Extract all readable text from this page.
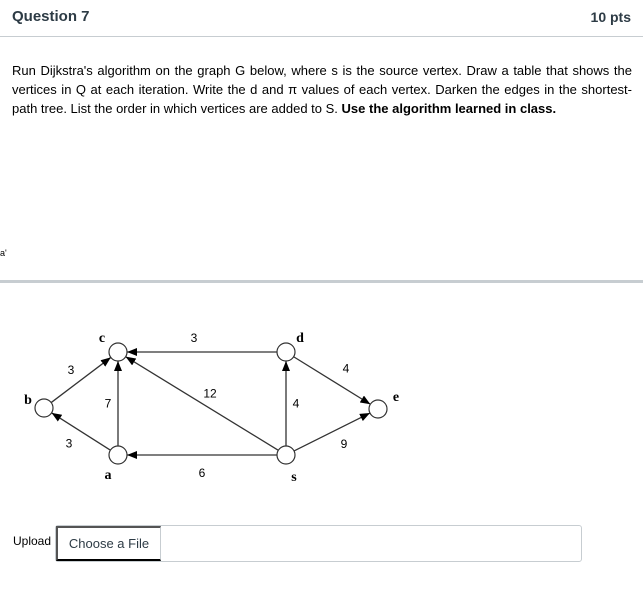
Question 7	10 pts
Run Dijkstra's algorithm on the graph G below, where s is the source vertex. Draw a table that shows the vertices in Q at each iteration. Write the d and π values of each vertex. Darken the edges in the shortest-path tree. List the order in which vertices are added to S. Use the algorithm learned in class.
a'
3
3
7
12
3
6
4
4
9
c	d
b	e
a	s
Upload	Choose a File
